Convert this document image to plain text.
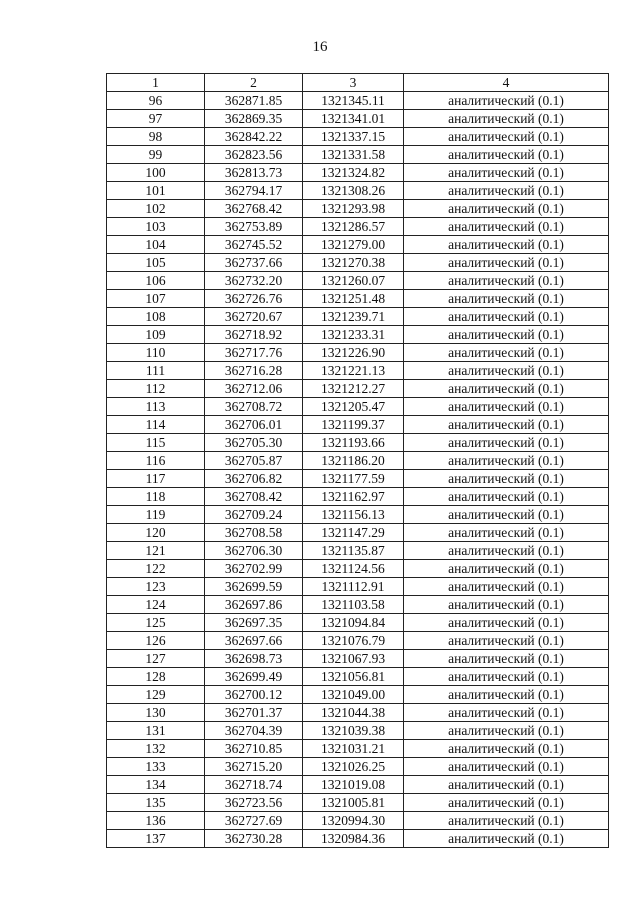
16
1	2	3	4
96	362871.85	1321345.11	аналитический (0.1)
97	362869.35	1321341.01	аналитический (0.1)
98	362842.22	1321337.15	аналитический (0.1)
99	362823.56	1321331.58	аналитический (0.1)
100	362813.73	1321324.82	аналитический (0.1)
101	362794.17	1321308.26	аналитический (0.1)
102	362768.42	1321293.98	аналитический (0.1)
103	362753.89	1321286.57	аналитический (0.1)
104	362745.52	1321279.00	аналитический (0.1)
105	362737.66	1321270.38	аналитический (0.1)
106	362732.20	1321260.07	аналитический (0.1)
107	362726.76	1321251.48	аналитический (0.1)
108	362720.67	1321239.71	аналитический (0.1)
109	362718.92	1321233.31	аналитический (0.1)
110	362717.76	1321226.90	аналитический (0.1)
111	362716.28	1321221.13	аналитический (0.1)
112	362712.06	1321212.27	аналитический (0.1)
113	362708.72	1321205.47	аналитический (0.1)
114	362706.01	1321199.37	аналитический (0.1)
115	362705.30	1321193.66	аналитический (0.1)
116	362705.87	1321186.20	аналитический (0.1)
117	362706.82	1321177.59	аналитический (0.1)
118	362708.42	1321162.97	аналитический (0.1)
119	362709.24	1321156.13	аналитический (0.1)
120	362708.58	1321147.29	аналитический (0.1)
121	362706.30	1321135.87	аналитический (0.1)
122	362702.99	1321124.56	аналитический (0.1)
123	362699.59	1321112.91	аналитический (0.1)
124	362697.86	1321103.58	аналитический (0.1)
125	362697.35	1321094.84	аналитический (0.1)
126	362697.66	1321076.79	аналитический (0.1)
127	362698.73	1321067.93	аналитический (0.1)
128	362699.49	1321056.81	аналитический (0.1)
129	362700.12	1321049.00	аналитический (0.1)
130	362701.37	1321044.38	аналитический (0.1)
131	362704.39	1321039.38	аналитический (0.1)
132	362710.85	1321031.21	аналитический (0.1)
133	362715.20	1321026.25	аналитический (0.1)
134	362718.74	1321019.08	аналитический (0.1)
135	362723.56	1321005.81	аналитический (0.1)
136	362727.69	1320994.30	аналитический (0.1)
137	362730.28	1320984.36	аналитический (0.1)
